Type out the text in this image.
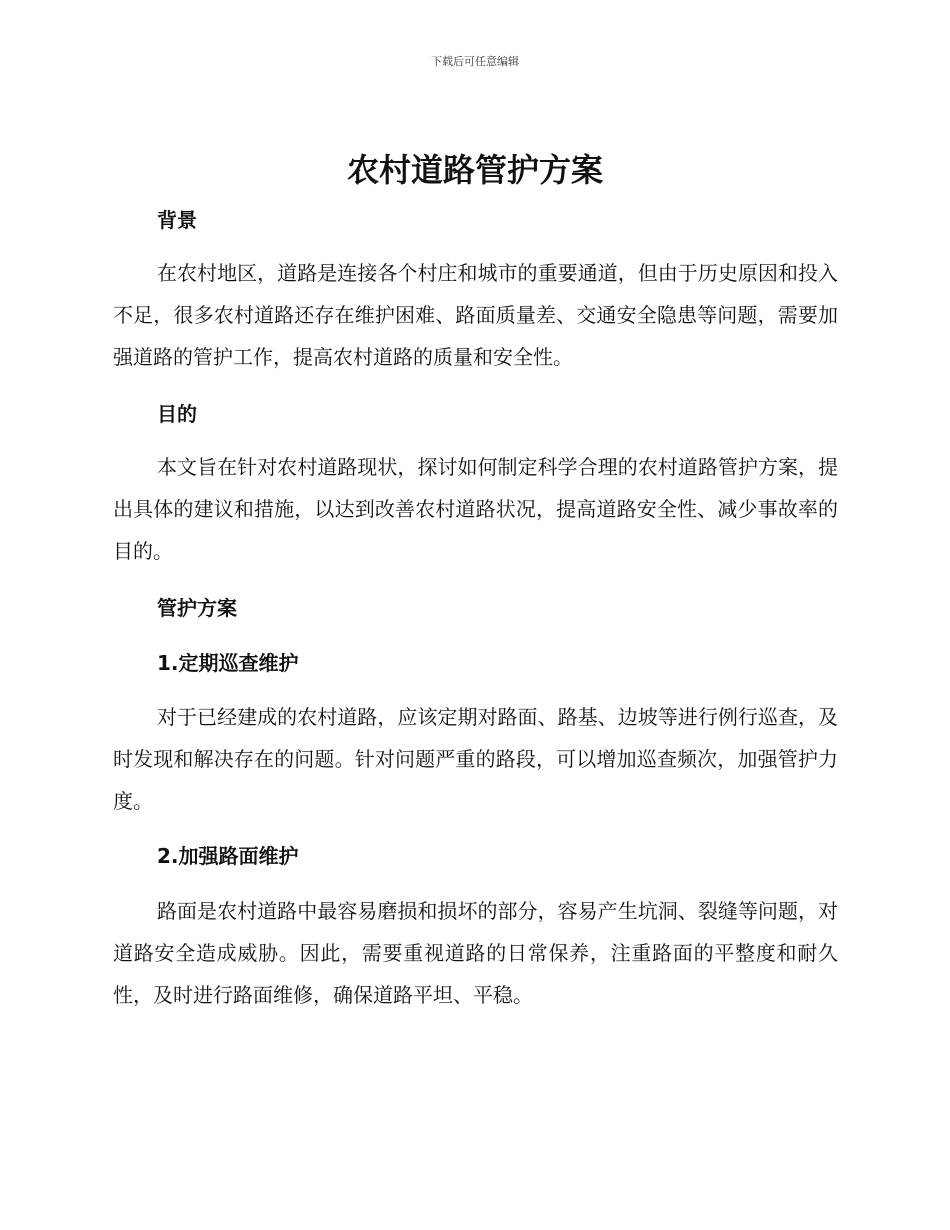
下载后可任意编辑
农村道路管护方案
背景

在农村地区，道路是连接各个村庄和城市的重要通道，但由于历史原因和投入不足，很多农村道路还存在维护困难、路面质量差、交通安全隐患等问题，需要加强道路的管护工作，提高农村道路的质量和安全性。

目的

本文旨在针对农村道路现状，探讨如何制定科学合理的农村道路管护方案，提出具体的建议和措施，以达到改善农村道路状况，提高道路安全性、减少事故率的目的。

管护方案
1.定期巡查维护

对于已经建成的农村道路，应该定期对路面、路基、边坡等进行例行巡查，及时发现和解决存在的问题。针对问题严重的路段，可以增加巡查频次，加强管护力度。

2.加强路面维护

路面是农村道路中最容易磨损和损坏的部分，容易产生坑洞、裂缝等问题，对道路安全造成威胁。因此，需要重视道路的日常保养，注重路面的平整度和耐久性，及时进行路面维修，确保道路平坦、平稳。
